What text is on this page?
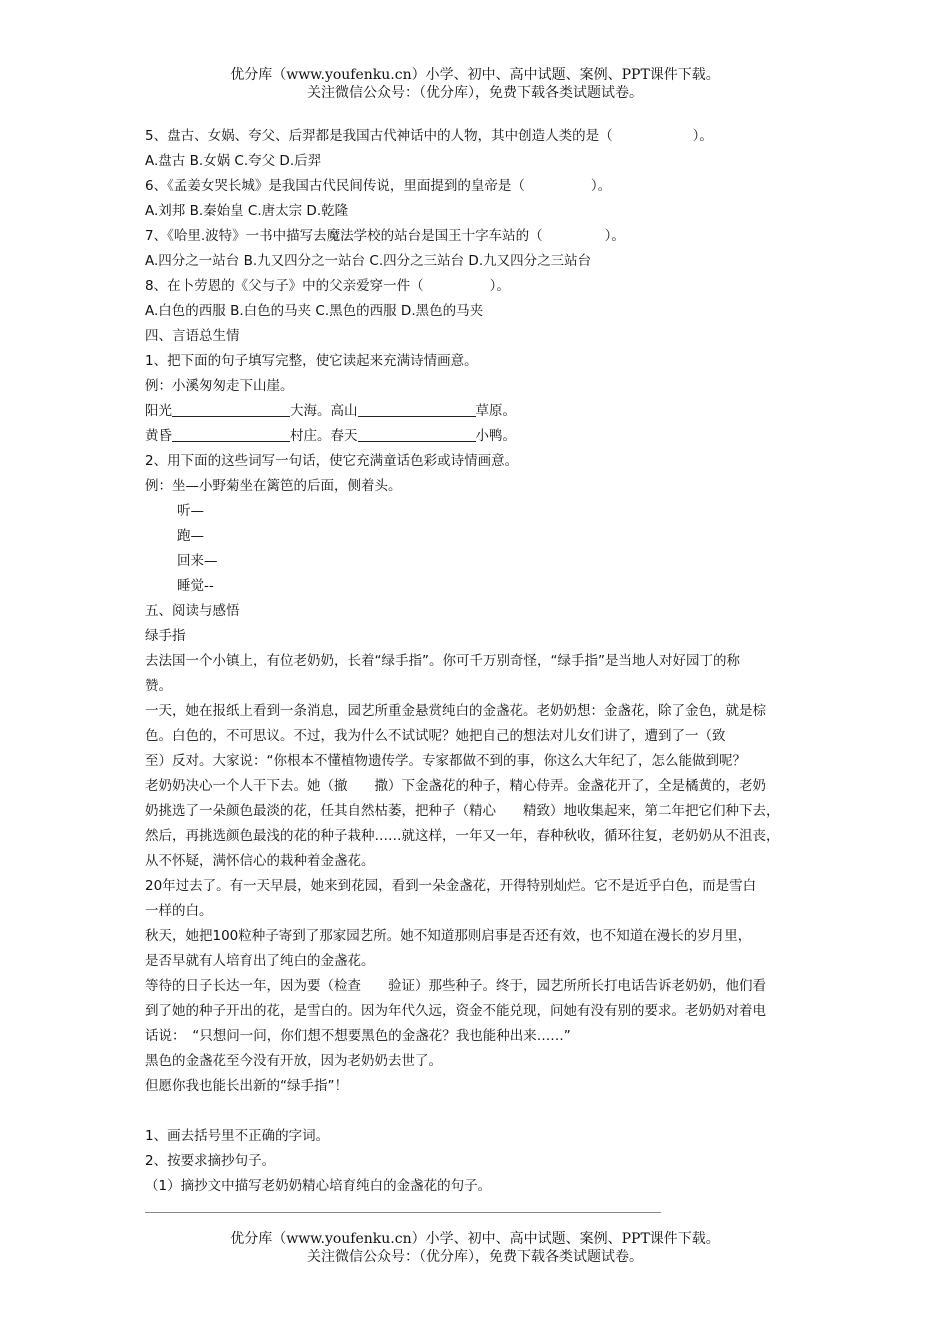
优分库（www.youfenku.cn）小学、初中、高中试题、案例、PPT课件下载。
关注微信公众号：（优分库），免费下载各类试题试卷。
5、盘古、女娲、夸父、后羿都是我国古代神话中的人物，其中创造人类的是（	）。
A.盘古 B.女娲 C.夸父 D.后羿
6、《孟姜女哭长城》是我国古代民间传说，里面提到的皇帝是（	）。
A.刘邦 B.秦始皇 C.唐太宗 D.乾隆
7、《哈里.波特》一书中描写去魔法学校的站台是国王十字车站的（	）。
A.四分之一站台 B.九又四分之一站台 C.四分之三站台 D.九又四分之三站台
8、在卜劳恩的《父与子》中的父亲爱穿一件（	）。
A.白色的西服 B.白色的马夹 C.黑色的西服 D.黑色的马夹
四、言语总生情
1、把下面的句子填写完整，使它读起来充满诗情画意。
例：小溪匆匆走下山崖。
阳光	大海。高山	草原。
黄昏	村庄。春天	小鸭。
2、用下面的这些词写一句话，使它充满童话色彩或诗情画意。
例：坐—小野菊坐在篱笆的后面，侧着头。
听—
跑—
回来—
睡觉--
五、阅读与感悟
绿手指
去法国一个小镇上，有位老奶奶，长着“绿手指”。你可千万别奇怪，“绿手指”是当地人对好园丁的称
赞。
一天，她在报纸上看到一条消息，园艺所重金悬赏纯白的金盏花。老奶奶想：金盏花，除了金色，就是棕
色。白色的，不可思议。不过，我为什么不试试呢？她把自己的想法对儿女们讲了，遭到了一（致
至）反对。大家说：“你根本不懂植物遗传学。专家都做不到的事，你这么大年纪了，怎么能做到呢？
老奶奶决心一个人干下去。她（撤　　撒）下金盏花的种子，精心侍弄。金盏花开了，全是橘黄的，老奶
奶挑选了一朵颜色最淡的花，任其自然枯萎，把种子（精心　　精致）地收集起来，第二年把它们种下去，
然后，再挑选颜色最浅的花的种子栽种……就这样，一年又一年，春种秋收，循环往复，老奶奶从不沮丧，
从不怀疑，满怀信心的栽种着金盏花。
20年过去了。有一天早晨，她来到花园，看到一朵金盏花，开得特别灿烂。它不是近乎白色，而是雪白
一样的白。
秋天，她把100粒种子寄到了那家园艺所。她不知道那则启事是否还有效，也不知道在漫长的岁月里，
是否早就有人培育出了纯白的金盏花。
等待的日子长达一年，因为要（检查　　验证）那些种子。终于，园艺所所长打电话告诉老奶奶，他们看
到了她的种子开出的花，是雪白的。因为年代久远，资金不能兑现，问她有没有别的要求。老奶奶对着电
话说：　“只想问一问，你们想不想要黑色的金盏花？我也能种出来……”
黑色的金盏花至今没有开放，因为老奶奶去世了。
但愿你我也能长出新的“绿手指”！
1、画去括号里不正确的字词。
2、按要求摘抄句子。
（1）摘抄文中描写老奶奶精心培育纯白的金盏花的句子。
优分库（www.youfenku.cn）小学、初中、高中试题、案例、PPT课件下载。
关注微信公众号：（优分库），免费下载各类试题试卷。
